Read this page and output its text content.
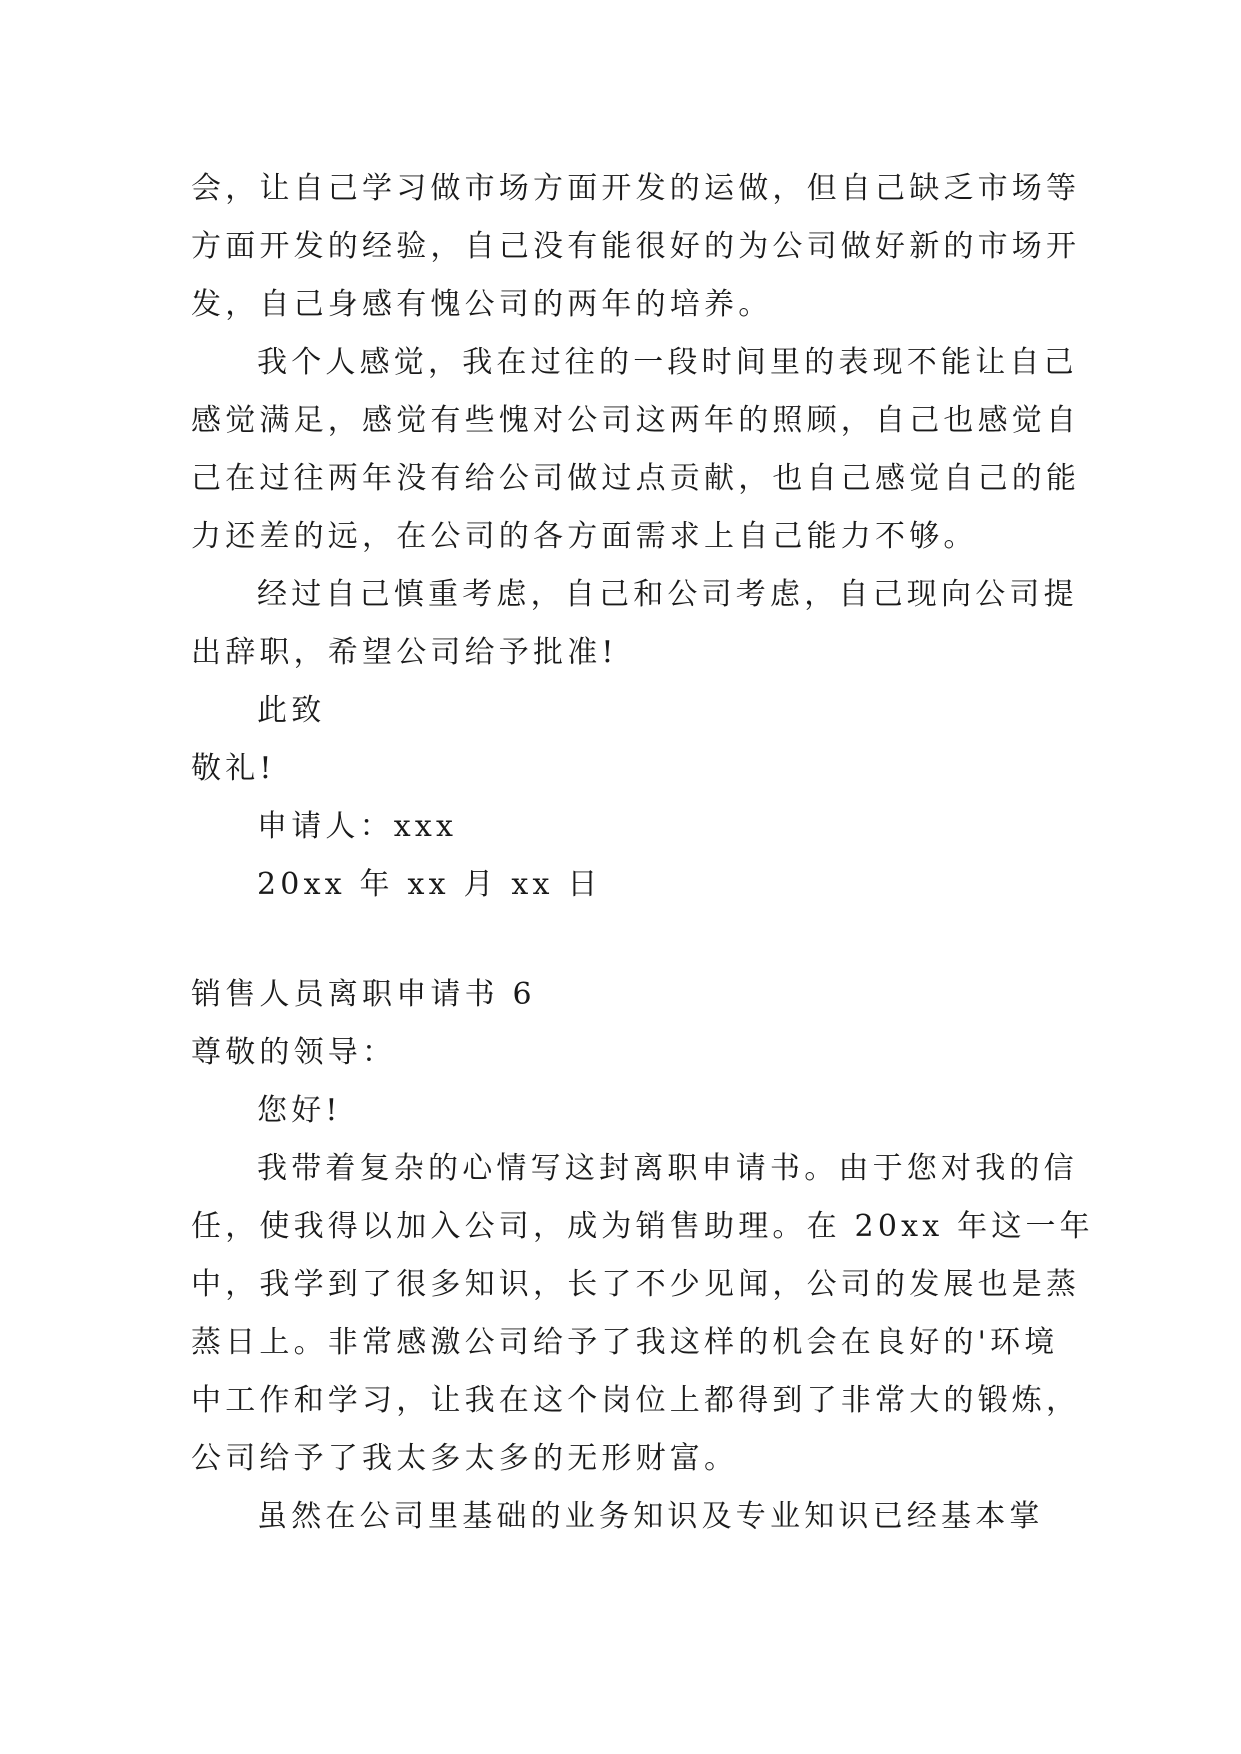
会，让自己学习做市场方面开发的运做，但自己缺乏市场等
方面开发的经验，自己没有能很好的为公司做好新的市场开
发，自己身感有愧公司的两年的培养。
我个人感觉，我在过往的一段时间里的表现不能让自己
感觉满足，感觉有些愧对公司这两年的照顾，自己也感觉自
己在过往两年没有给公司做过点贡献，也自己感觉自己的能
力还差的远，在公司的各方面需求上自己能力不够。
经过自己慎重考虑，自己和公司考虑，自己现向公司提
出辞职，希望公司给予批准!
此致
敬礼!
申请人：xxx
20xx 年 xx 月 xx 日
销售人员离职申请书 6
尊敬的领导：
您好!
我带着复杂的心情写这封离职申请书。由于您对我的信
任，使我得以加入公司，成为销售助理。在 20xx 年这一年
中，我学到了很多知识，长了不少见闻，公司的发展也是蒸
蒸日上。非常感激公司给予了我这样的机会在良好的'环境
中工作和学习，让我在这个岗位上都得到了非常大的锻炼，
公司给予了我太多太多的无形财富。
虽然在公司里基础的业务知识及专业知识已经基本掌
